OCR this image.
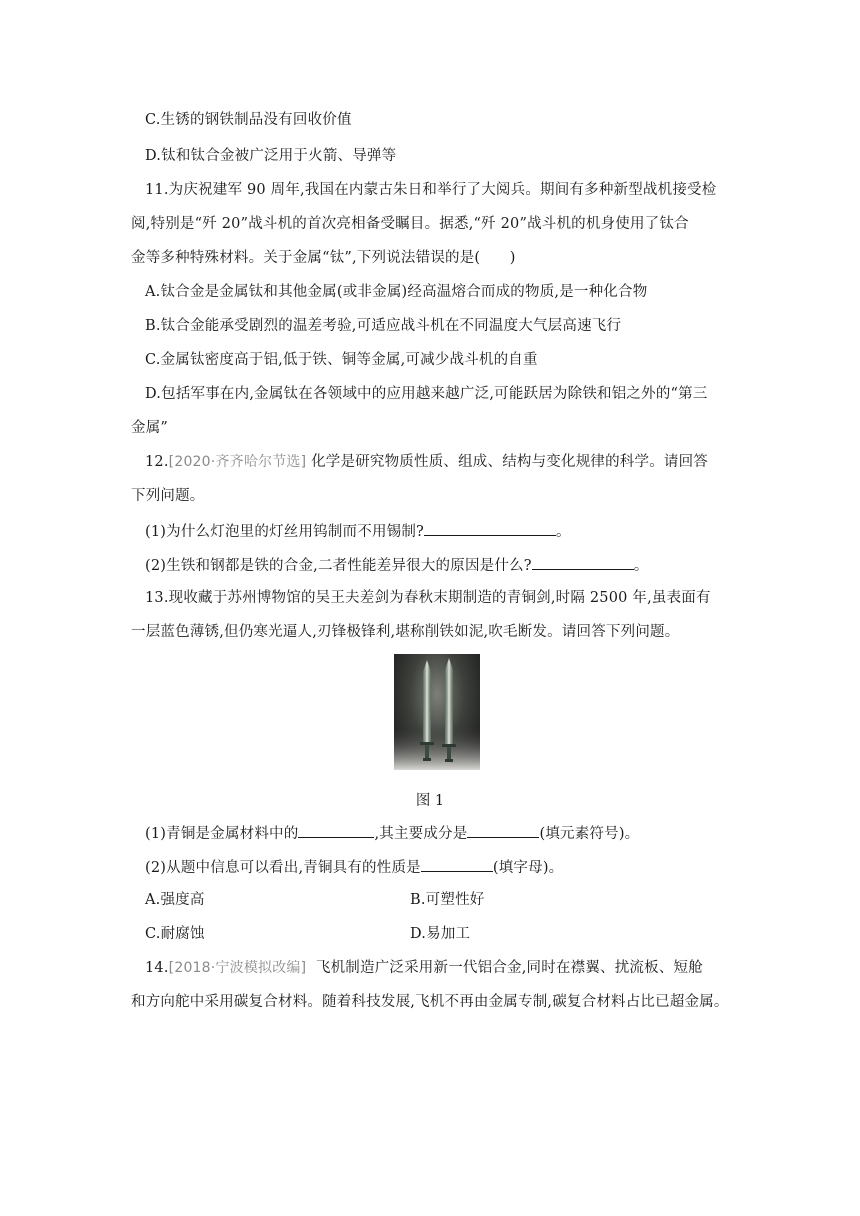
C.生锈的钢铁制品没有回收价值
D.钛和钛合金被广泛用于火箭、导弹等
11.为庆祝建军 90 周年,我国在内蒙古朱日和举行了大阅兵。期间有多种新型战机接受检
阅,特别是“歼 20”战斗机的首次亮相备受瞩目。据悉,“歼 20”战斗机的机身使用了钛合
金等多种特殊材料。关于金属“钛”,下列说法错误的是(　　)
A.钛合金是金属钛和其他金属(或非金属)经高温熔合而成的物质,是一种化合物
B.钛合金能承受剧烈的温差考验,可适应战斗机在不同温度大气层高速飞行
C.金属钛密度高于铝,低于铁、铜等金属,可减少战斗机的自重
D.包括军事在内,金属钛在各领域中的应用越来越广泛,可能跃居为除铁和铝之外的“第三
金属”
12.[2020·齐齐哈尔节选] 化学是研究物质性质、组成、结构与变化规律的科学。请回答
下列问题。
(1)为什么灯泡里的灯丝用钨制而不用锡制?	。
(2)生铁和钢都是铁的合金,二者性能差异很大的原因是什么?	。
13.现收藏于苏州博物馆的吴王夫差剑为春秋末期制造的青铜剑,时隔 2500 年,虽表面有
一层蓝色薄锈,但仍寒光逼人,刃锋极锋利,堪称削铁如泥,吹毛断发。请回答下列问题。
图 1
(1)青铜是金属材料中的	,其主要成分是	(填元素符号)。
(2)从题中信息可以看出,青铜具有的性质是	(填字母)。
A.强度高	B.可塑性好
C.耐腐蚀	D.易加工
14.[2018·宁波模拟改编] 飞机制造广泛采用新一代铝合金,同时在襟翼、扰流板、短舱
和方向舵中采用碳复合材料。随着科技发展,飞机不再由金属专制,碳复合材料占比已超金属。
